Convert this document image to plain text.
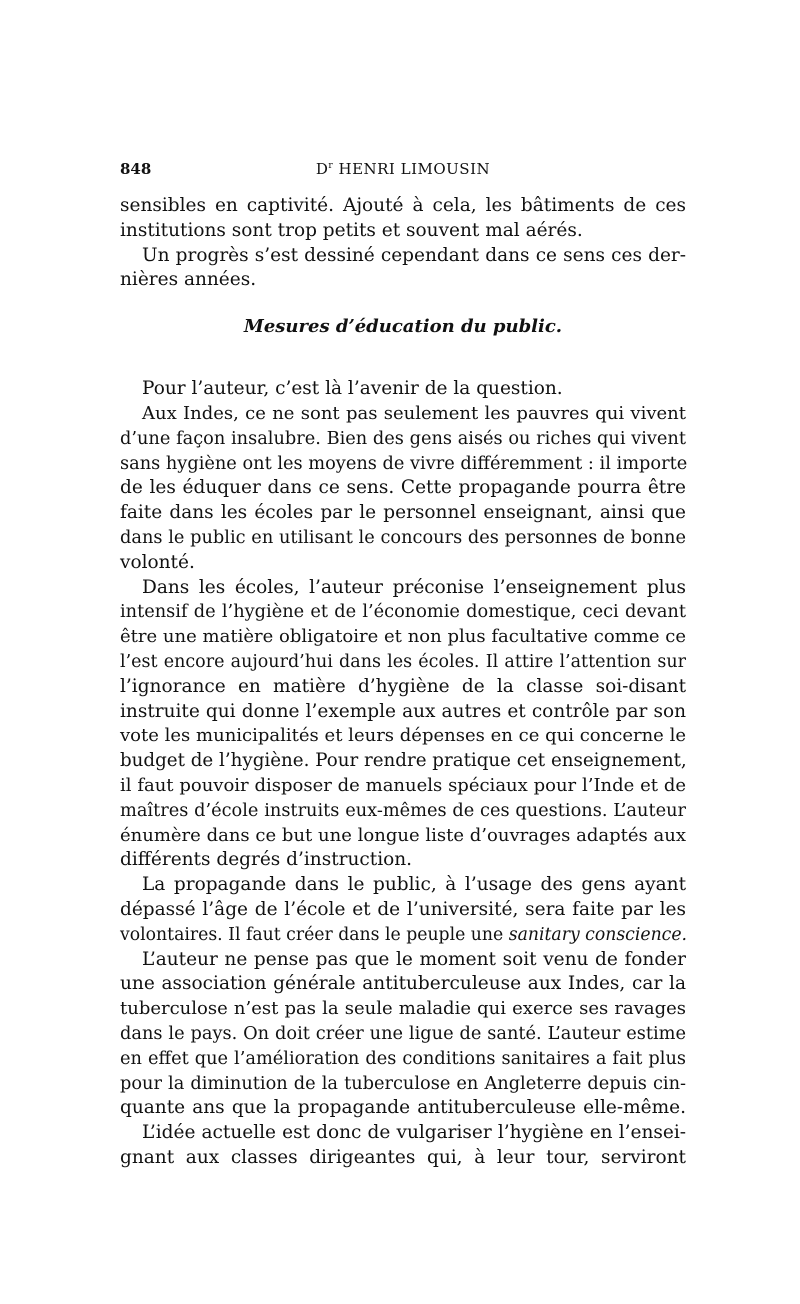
848	$D^r$ HENRI LIMOUSIN

sensibles en captivité. Ajouté à cela, les bâtiments de ces
institutions sont trop petits et souvent mal aérés.

Un progrès s’est dessiné cependant dans ce sens ces der-
nières années.

Mesures d’éducation du public.

Pour l’auteur, c’est là l’avenir de la question.

Aux Indes, ce ne sont pas seulement les pauvres qui vivent
d’une façon insalubre. Bien des gens aisés ou riches qui vivent
sans hygiène ont les moyens de vivre différemment : il importe
de les éduquer dans ce sens. Cette propagande pourra être
faite dans les écoles par le personnel enseignant, ainsi que
dans le public en utilisant le concours des personnes de bonne
volonté.

Dans les écoles, l’auteur préconise l’enseignement plus
intensif de l’hygiène et de l’économie domestique, ceci devant
être une matière obligatoire et non plus facultative comme ce
l’est encore aujourd’hui dans les écoles. Il attire l’attention sur
l’ignorance en matière d’hygiène de la classe soi-disant
instruite qui donne l’exemple aux autres et contrôle par son
vote les municipalités et leurs dépenses en ce qui concerne le
budget de l’hygiène. Pour rendre pratique cet enseignement,
il faut pouvoir disposer de manuels spéciaux pour l’Inde et de
maîtres d’école instruits eux-mêmes de ces questions. L’auteur
énumère dans ce but une longue liste d’ouvrages adaptés aux
différents degrés d’instruction.

La propagande dans le public, à l’usage des gens ayant
dépassé l’âge de l’école et de l’université, sera faite par les
volontaires. Il faut créer dans le peuple une sanitary conscience.

L’auteur ne pense pas que le moment soit venu de fonder
une association générale antituberculeuse aux Indes, car la
tuberculose n’est pas la seule maladie qui exerce ses ravages
dans le pays. On doit créer une ligue de santé. L’auteur estime
en effet que l’amélioration des conditions sanitaires a fait plus
pour la diminution de la tuberculose en Angleterre depuis cin-
quante ans que la propagande antituberculeuse elle-même.

L’idée actuelle est donc de vulgariser l’hygiène en l’ensei-
gnant aux classes dirigeantes qui, à leur tour, serviront
